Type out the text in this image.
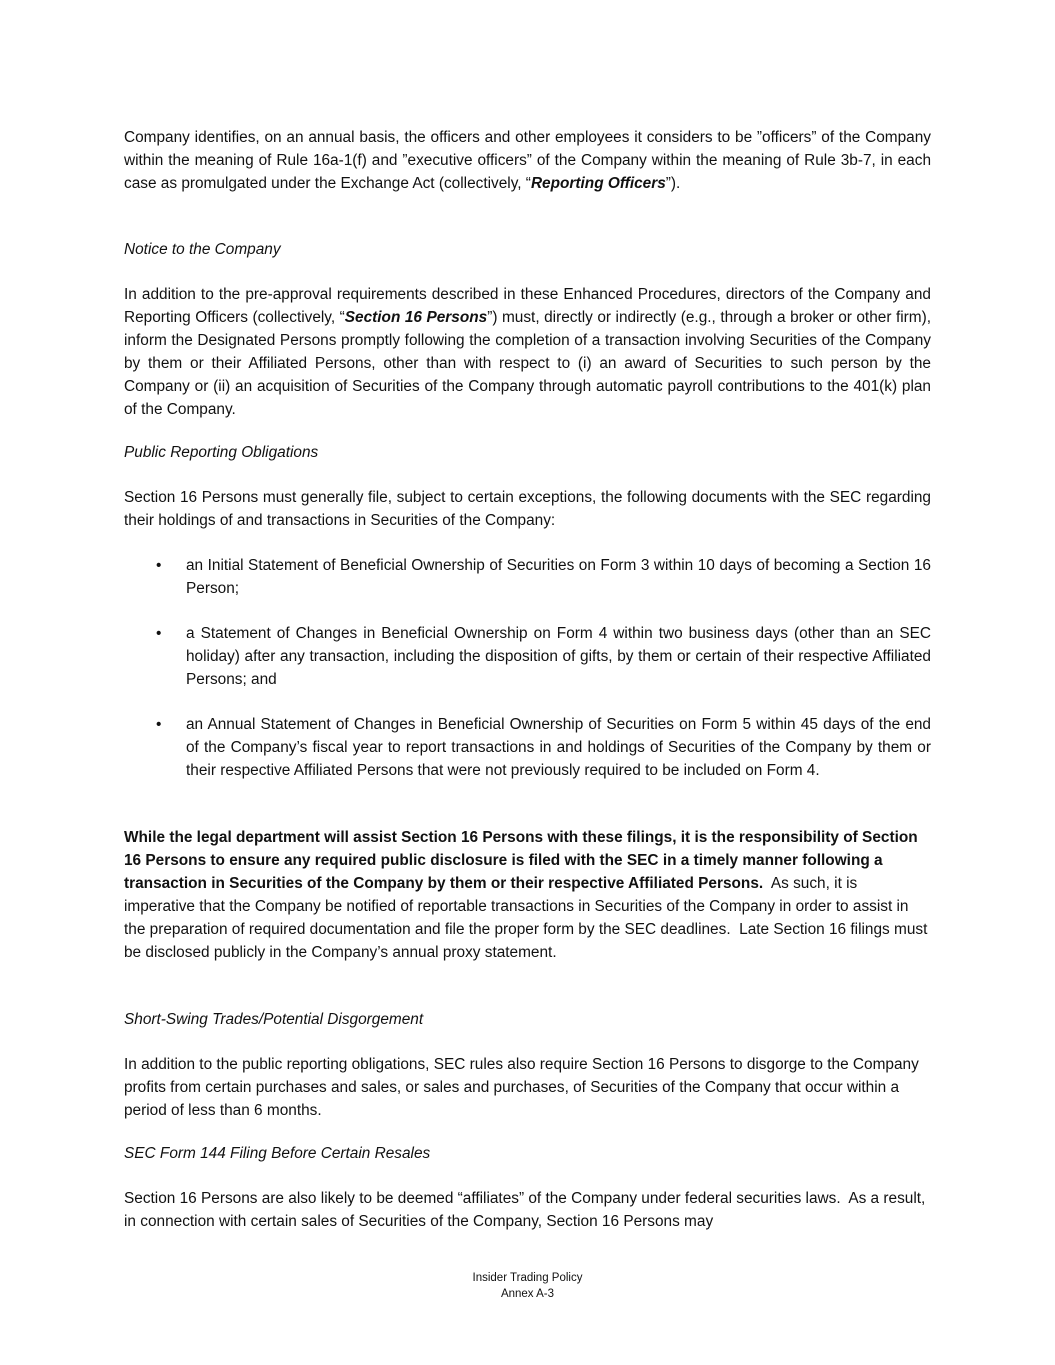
Company identifies, on an annual basis, the officers and other employees it considers to be ”officers” of the Company within the meaning of Rule 16a-1(f) and ”executive officers” of the Company within the meaning of Rule 3b-7, in each case as promulgated under the Exchange Act (collectively, “Reporting Officers”).

Notice to the Company

In addition to the pre-approval requirements described in these Enhanced Procedures, directors of the Company and Reporting Officers (collectively, “Section 16 Persons”) must, directly or indirectly (e.g., through a broker or other firm), inform the Designated Persons promptly following the completion of a transaction involving Securities of the Company by them or their Affiliated Persons, other than with respect to (i) an award of Securities to such person by the Company or (ii) an acquisition of Securities of the Company through automatic payroll contributions to the 401(k) plan of the Company.

Public Reporting Obligations

Section 16 Persons must generally file, subject to certain exceptions, the following documents with the SEC regarding their holdings of and transactions in Securities of the Company:

• an Initial Statement of Beneficial Ownership of Securities on Form 3 within 10 days of becoming a Section 16 Person;
• a Statement of Changes in Beneficial Ownership on Form 4 within two business days (other than an SEC holiday) after any transaction, including the disposition of gifts, by them or certain of their respective Affiliated Persons; and
• an Annual Statement of Changes in Beneficial Ownership of Securities on Form 5 within 45 days of the end of the Company’s fiscal year to report transactions in and holdings of Securities of the Company by them or their respective Affiliated Persons that were not previously required to be included on Form 4.

While the legal department will assist Section 16 Persons with these filings, it is the responsibility of Section 16 Persons to ensure any required public disclosure is filed with the SEC in a timely manner following a transaction in Securities of the Company by them or their respective Affiliated Persons.  As such, it is imperative that the Company be notified of reportable transactions in Securities of the Company in order to assist in the preparation of required documentation and file the proper form by the SEC deadlines.  Late Section 16 filings must be disclosed publicly in the Company’s annual proxy statement.

Short-Swing Trades/Potential Disgorgement

In addition to the public reporting obligations, SEC rules also require Section 16 Persons to disgorge to the Company profits from certain purchases and sales, or sales and purchases, of Securities of the Company that occur within a period of less than 6 months.

SEC Form 144 Filing Before Certain Resales

Section 16 Persons are also likely to be deemed “affiliates” of the Company under federal securities laws.  As a result, in connection with certain sales of Securities of the Company, Section 16 Persons may

Insider Trading Policy
Annex A-3
